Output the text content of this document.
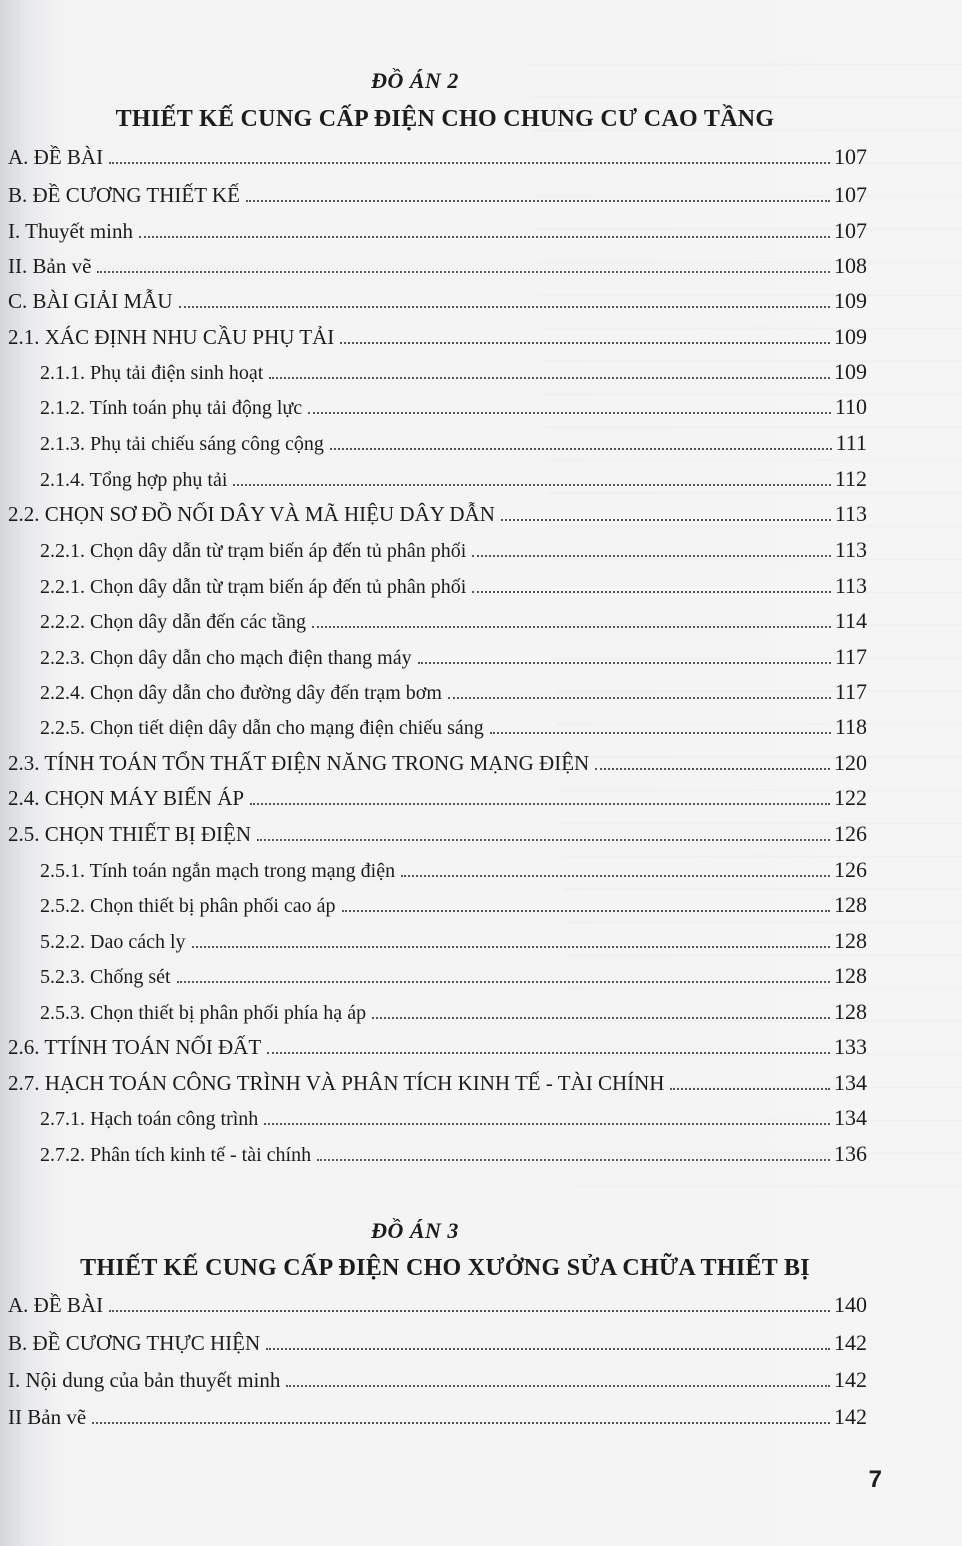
ĐỒ ÁN 2
THIẾT KẾ CUNG CẤP ĐIỆN CHO CHUNG CƯ CAO TẦNG
A. ĐỀ BÀI	107
B. ĐỀ CƯƠNG THIẾT KẾ	107
I. Thuyết minh	107
II. Bản vẽ	108
C. BÀI GIẢI MẪU	109
2.1. XÁC ĐỊNH NHU CẦU PHỤ TẢI	109
2.1.1. Phụ tải điện sinh hoạt	109
2.1.2. Tính toán phụ tải động lực	110
2.1.3. Phụ tải chiếu sáng công cộng	111
2.1.4. Tổng hợp phụ tải	112
2.2. CHỌN SƠ ĐỒ NỐI DÂY VÀ MÃ HIỆU DÂY DẪN	113
2.2.1. Chọn dây dẫn từ trạm biến áp đến tủ phân phối	113
2.2.1. Chọn dây dẫn từ trạm biến áp đến tủ phân phối	113
2.2.2. Chọn dây dẫn đến các tầng	114
2.2.3. Chọn dây dẫn cho mạch điện thang máy	117
2.2.4. Chọn dây dẫn cho đường dây đến trạm bơm	117
2.2.5. Chọn tiết diện dây dẫn cho mạng điện chiếu sáng	118
2.3. TÍNH TOÁN TỔN THẤT ĐIỆN NĂNG TRONG MẠNG ĐIỆN	120
2.4. CHỌN MÁY BIẾN ÁP	122
2.5. CHỌN THIẾT BỊ ĐIỆN	126
2.5.1. Tính toán ngắn mạch trong mạng điện	126
2.5.2. Chọn thiết bị phân phối cao áp	128
5.2.2. Dao cách ly	128
5.2.3. Chống sét	128
2.5.3. Chọn thiết bị phân phối phía hạ áp	128
2.6. TTÍNH TOÁN NỐI ĐẤT	133
2.7. HẠCH TOÁN CÔNG TRÌNH VÀ PHÂN TÍCH KINH TẾ - TÀI CHÍNH	134
2.7.1. Hạch toán công trình	134
2.7.2. Phân tích kinh tế - tài chính	136
ĐỒ ÁN 3
THIẾT KẾ CUNG CẤP ĐIỆN CHO XƯỞNG SỬA CHỮA THIẾT BỊ
A. ĐỀ BÀI	140
B. ĐỀ CƯƠNG THỰC HIỆN	142
I. Nội dung của bản thuyết minh	142
II Bản vẽ	142
7
